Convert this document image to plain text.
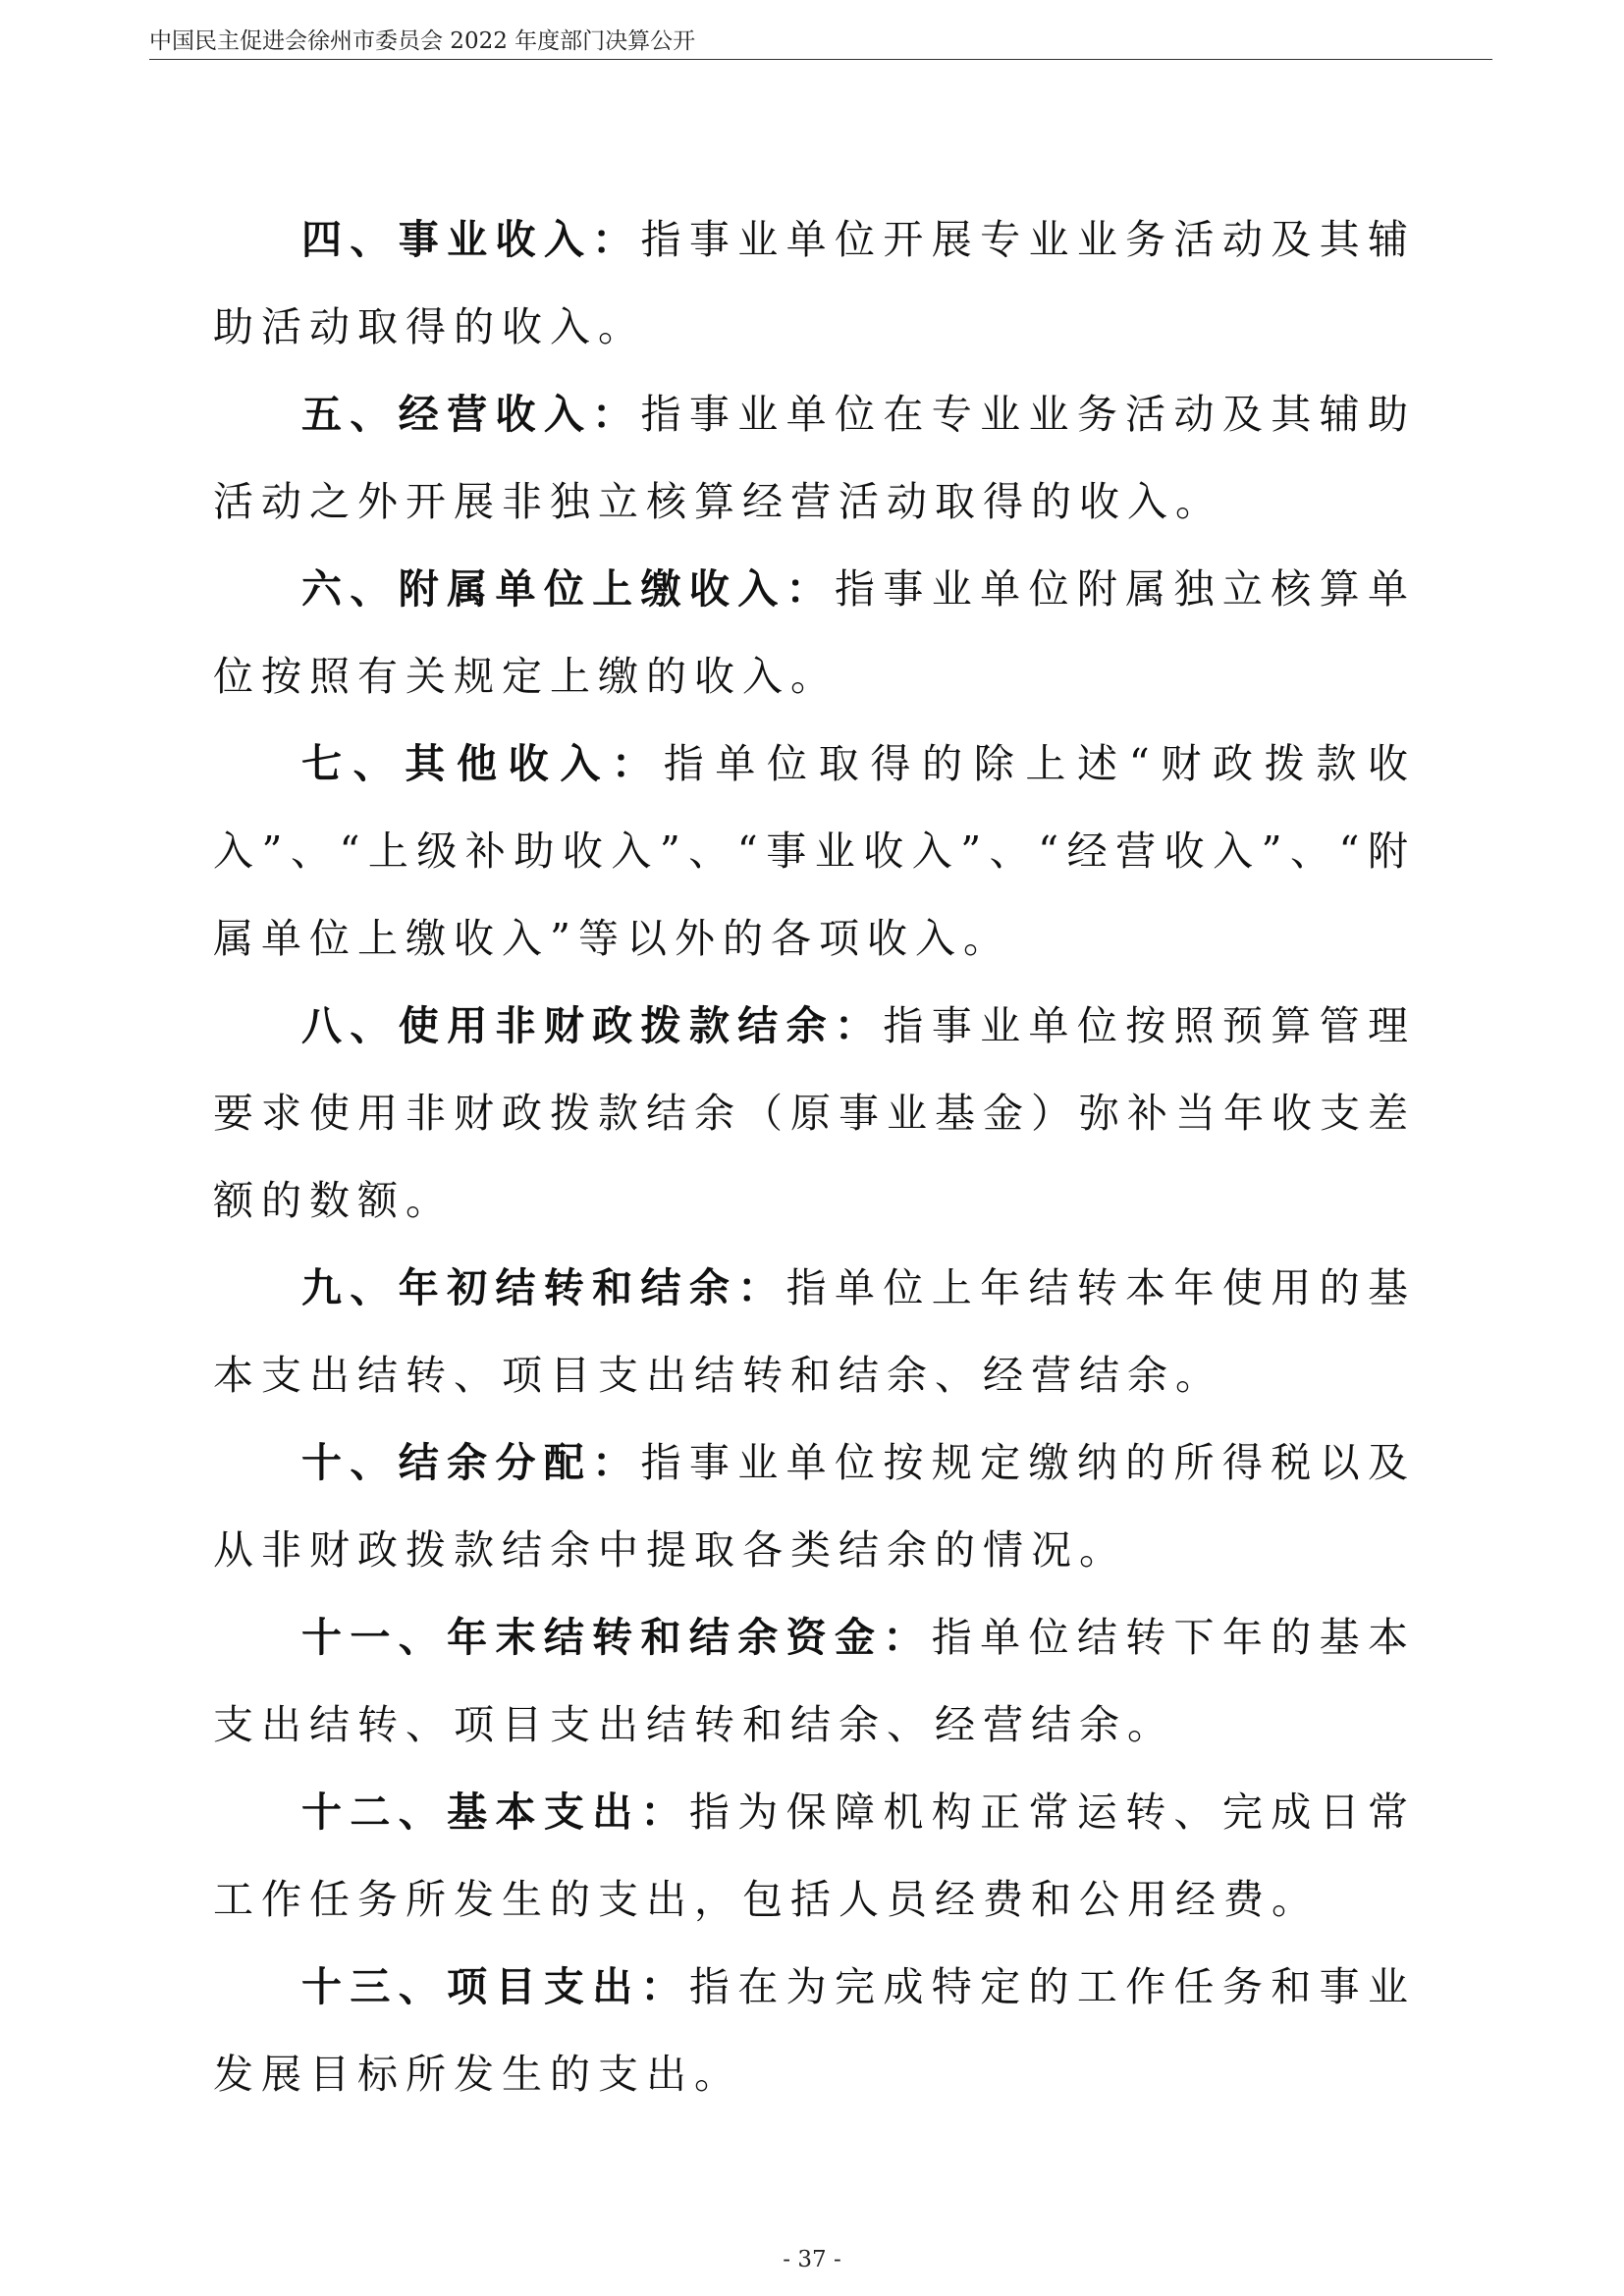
中国民主促进会徐州市委员会 2022 年度部门决算公开

四、事业收入：指事业单位开展专业业务活动及其辅助活动取得的收入。

五、经营收入：指事业单位在专业业务活动及其辅助活动之外开展非独立核算经营活动取得的收入。

六、附属单位上缴收入：指事业单位附属独立核算单位按照有关规定上缴的收入。

七、其他收入：指单位取得的除上述“财政拨款收入”、“上级补助收入”、“事业收入”、“经营收入”、“附属单位上缴收入”等以外的各项收入。

八、使用非财政拨款结余：指事业单位按照预算管理要求使用非财政拨款结余（原事业基金）弥补当年收支差额的数额。

九、年初结转和结余：指单位上年结转本年使用的基本支出结转、项目支出结转和结余、经营结余。

十、结余分配：指事业单位按规定缴纳的所得税以及从非财政拨款结余中提取各类结余的情况。

十一、年末结转和结余资金：指单位结转下年的基本支出结转、项目支出结转和结余、经营结余。

十二、基本支出：指为保障机构正常运转、完成日常工作任务所发生的支出，包括人员经费和公用经费。

十三、项目支出：指在为完成特定的工作任务和事业发展目标所发生的支出。

- 37 -
